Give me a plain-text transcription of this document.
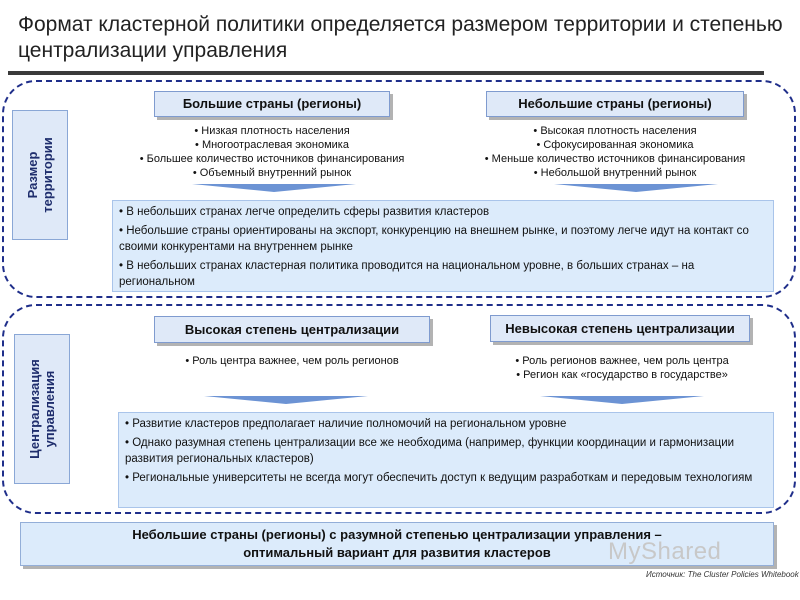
Формат кластерной политики определяется размером территории и степенью централизации управления
Размер территории
Большие страны (регионы)
• Низкая плотность населения
• Многоотраслевая экономика
• Большее количество источников финансирования
• Объемный внутренний рынок
Небольшие страны (регионы)
• Высокая плотность населения
• Сфокусированная экономика
• Меньше количество источников финансирования
• Небольшой внутренний рынок
• В небольших странах легче определить сферы развития кластеров
• Небольшие страны ориентированы на экспорт, конкуренцию на внешнем рынке, и поэтому легче идут на контакт со своими конкурентами на внутреннем рынке
• В небольших странах кластерная политика проводится на национальном уровне, в больших странах – на региональном
Централизация управления
Высокая степень централизации
• Роль центра важнее, чем роль регионов
Невысокая степень централизации
• Роль регионов важнее, чем роль центра
• Регион как «государство в государстве»
• Развитие кластеров предполагает наличие полномочий на региональном уровне
• Однако разумная степень централизации все же необходима (например, функции координации и гармонизации развития региональных кластеров)
• Региональные университеты не всегда могут обеспечить доступ к ведущим разработкам и передовым технологиям
Небольшие страны (регионы) с разумной степенью централизации управления –
оптимальный вариант для развития кластеров	MyShared
Источник: The Cluster Policies Whitebook
